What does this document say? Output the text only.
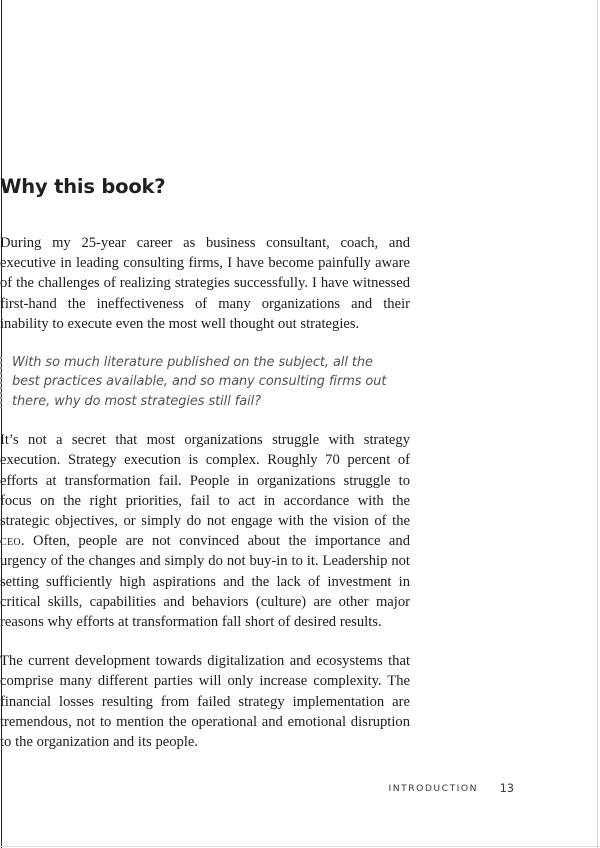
Why this book?

During my 25-year career as business consultant, coach, and executive in leading consulting firms, I have become painfully aware of the challenges of realizing strategies successfully. I have witnessed first-hand the ineffectiveness of many organizations and their inability to execute even the most well thought out strategies.

With so much literature published on the subject, all the best practices available, and so many consulting firms out there, why do most strategies still fail?

It’s not a secret that most organizations struggle with strategy execution. Strategy execution is complex. Roughly 70 percent of efforts at transformation fail. People in organizations struggle to focus on the right priorities, fail to act in accordance with the strategic objectives, or simply do not engage with the vision of the ceo. Often, people are not convinced about the importance and urgency of the changes and simply do not buy-in to it. Leadership not setting sufficiently high aspirations and the lack of investment in critical skills, capabilities and behaviors (culture) are other major reasons why efforts at transformation fall short of desired results.

The current development towards digitalization and ecosystems that comprise many different parties will only increase complexity. The financial losses resulting from failed strategy implementation are tremendous, not to mention the operational and emotional disruption to the organization and its people.

INTRODUCTION 13
